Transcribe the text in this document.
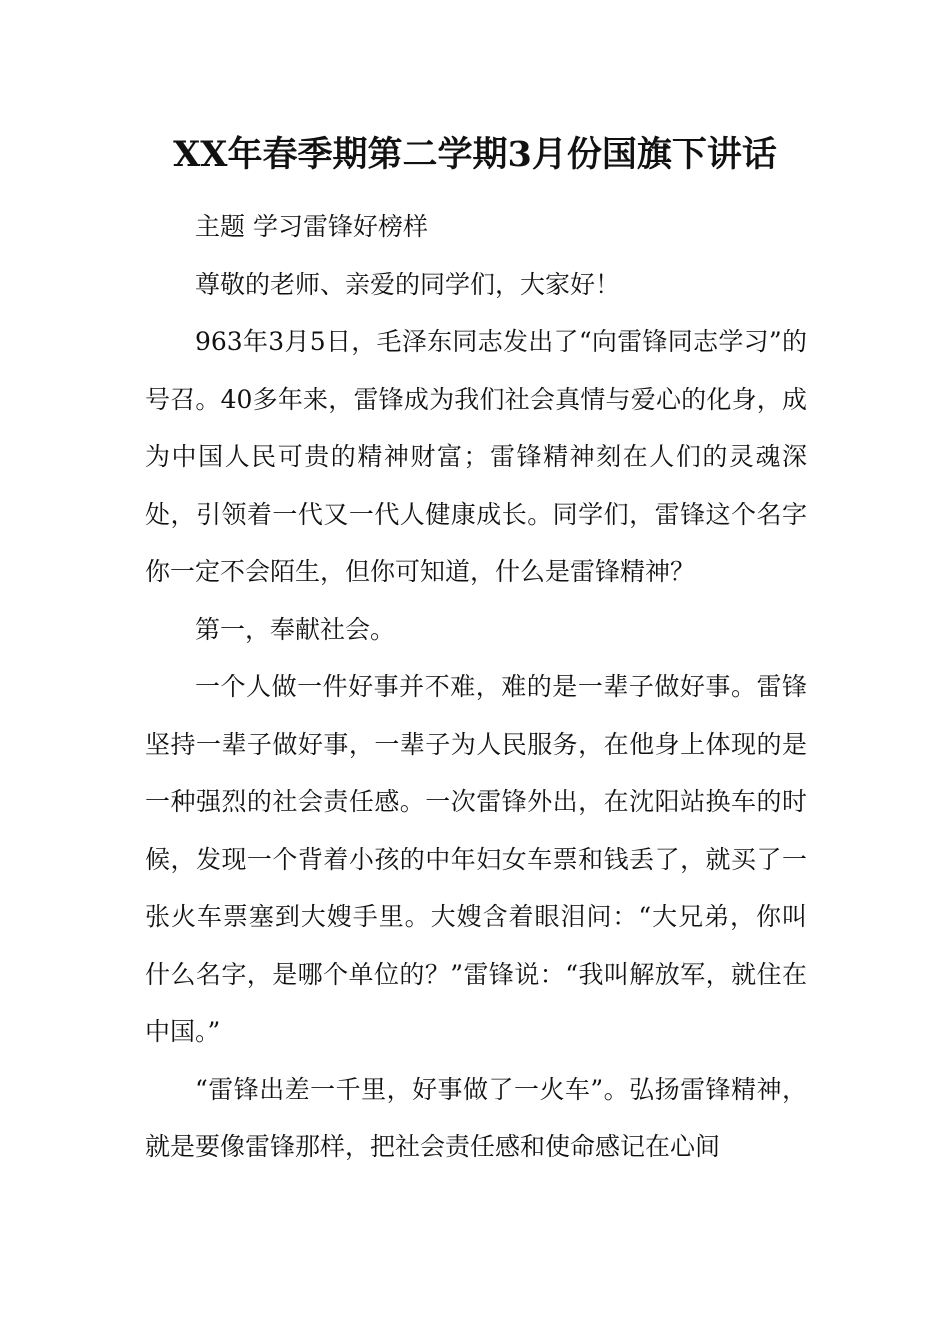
XX年春季期第二学期3月份国旗下讲话

主题 学习雷锋好榜样

尊敬的老师、亲爱的同学们，大家好！

963年3月5日，毛泽东同志发出了“向雷锋同志学习”的号召。40多年来，雷锋成为我们社会真情与爱心的化身，成为中国人民可贵的精神财富；雷锋精神刻在人们的灵魂深处，引领着一代又一代人健康成长。同学们，雷锋这个名字你一定不会陌生，但你可知道，什么是雷锋精神？

第一，奉献社会。

一个人做一件好事并不难，难的是一辈子做好事。雷锋坚持一辈子做好事，一辈子为人民服务，在他身上体现的是一种强烈的社会责任感。一次雷锋外出，在沈阳站换车的时候，发现一个背着小孩的中年妇女车票和钱丢了，就买了一张火车票塞到大嫂手里。大嫂含着眼泪问：“大兄弟，你叫什么名字，是哪个单位的？”雷锋说：“我叫解放军，就住在中国。”

“雷锋出差一千里，好事做了一火车”。弘扬雷锋精神，就是要像雷锋那样，把社会责任感和使命感记在心间
